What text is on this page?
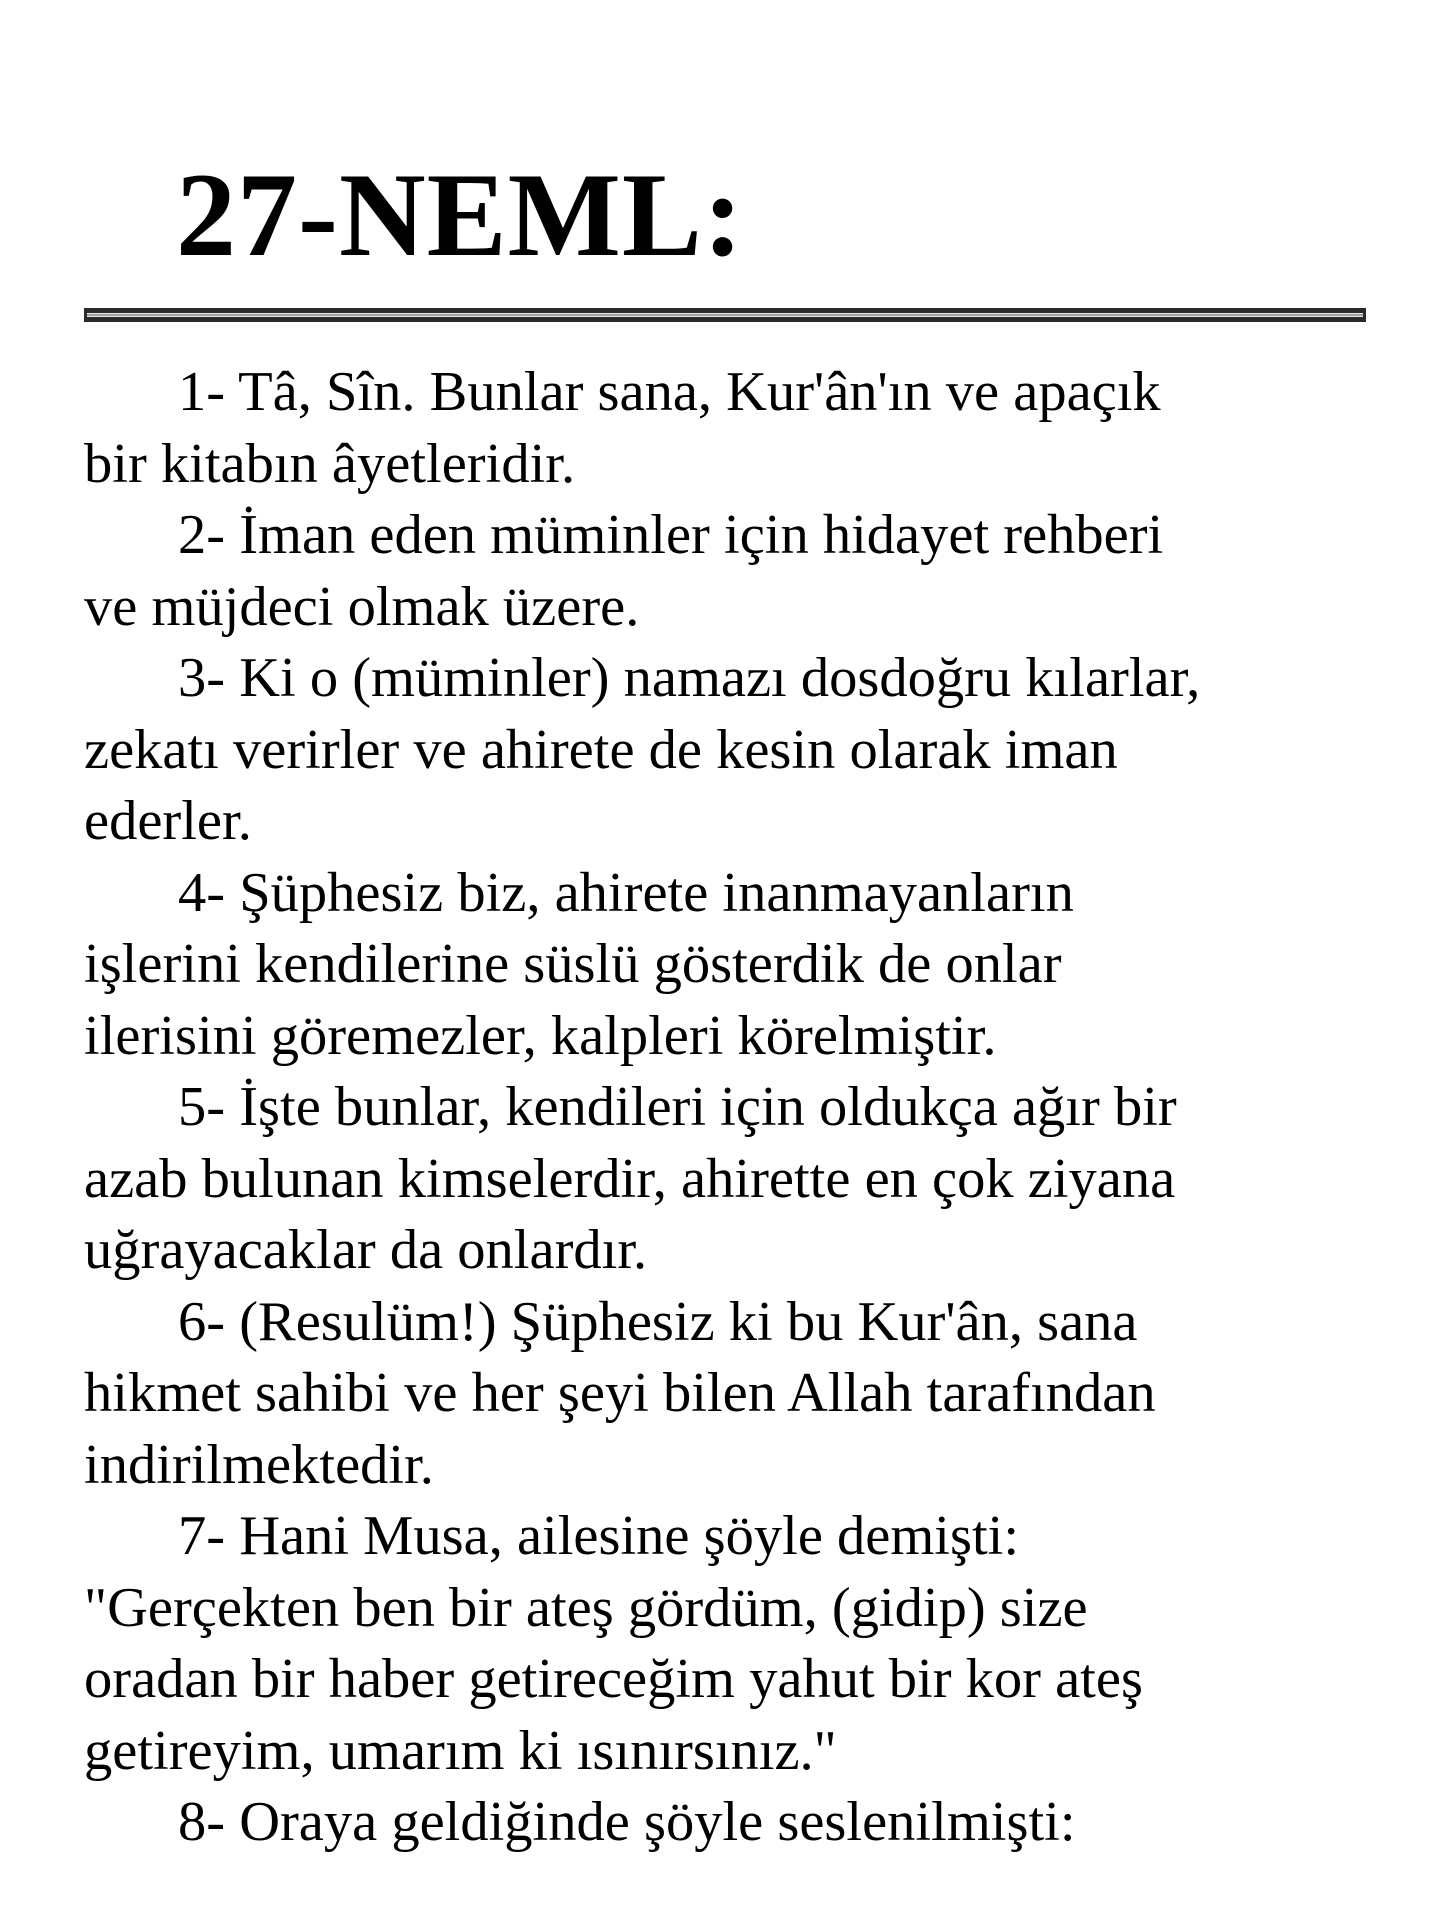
27-NEML:
1- Tâ, Sîn. Bunlar sana, Kur'ân'ın ve apaçık
bir kitabın âyetleridir.
2- İman eden müminler için hidayet rehberi
ve müjdeci olmak üzere.
3- Ki o (müminler) namazı dosdoğru kılarlar,
zekatı verirler ve ahirete de kesin olarak iman
ederler.
4- Şüphesiz biz, ahirete inanmayanların
işlerini kendilerine süslü gösterdik de onlar
ilerisini göremezler, kalpleri körelmiştir.
5- İşte bunlar, kendileri için oldukça ağır bir
azab bulunan kimselerdir, ahirette en çok ziyana
uğrayacaklar da onlardır.
6- (Resulüm!) Şüphesiz ki bu Kur'ân, sana
hikmet sahibi ve her şeyi bilen Allah tarafından
indirilmektedir.
7- Hani Musa, ailesine şöyle demişti:
"Gerçekten ben bir ateş gördüm, (gidip) size
oradan bir haber getireceğim yahut bir kor ateş
getireyim, umarım ki ısınırsınız."
8- Oraya geldiğinde şöyle seslenilmişti:
